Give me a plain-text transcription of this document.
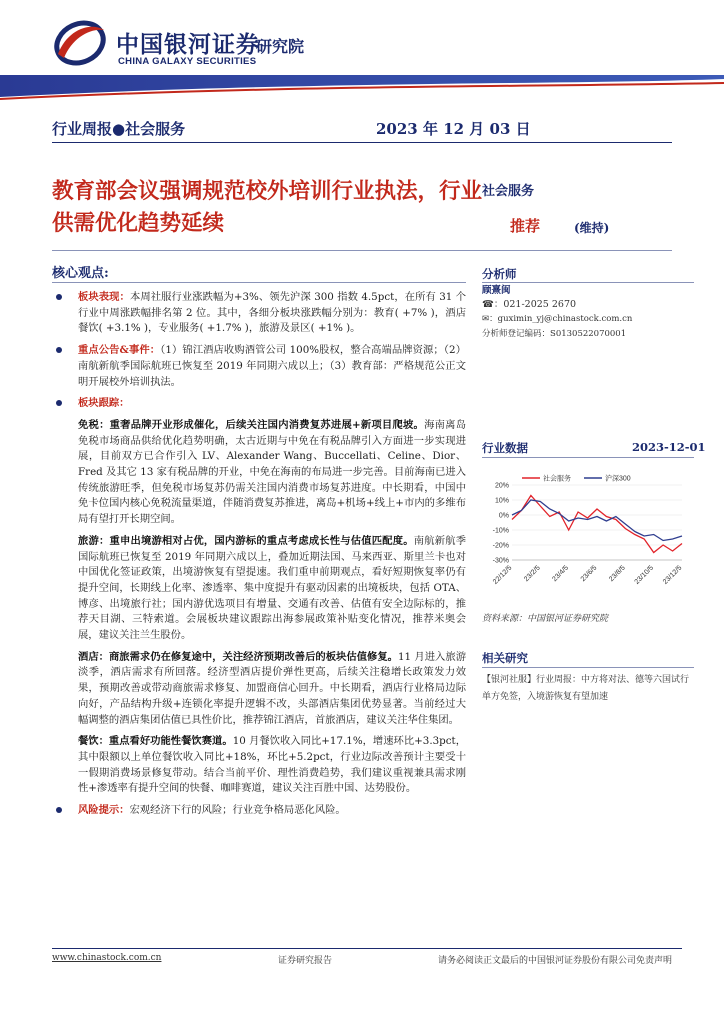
中国银河证券
CHINA GALAXY SECURITIES
研究院
行业周报●社会服务	2023 年 12 月 03 日
教育部会议强调规范校外培训行业执法，行业供需优化趋势延续
社会服务
推荐	(维持)
核心观点:
板块表现：本周社服行业涨跌幅为+3%、领先沪深 300 指数 4.5pct，在所有 31 个行业中周涨跌幅排名第 2 位。其中，各细分板块涨跌幅分别为：教育( +7% )，酒店餐饮( +3.1% )，专业服务( +1.7% )，旅游及景区( +1% )。
重点公告&事件：（1）锦江酒店收购酒管公司 100%股权，整合高端品牌资源；（2）南航新航季国际航班已恢复至 2019 年同期六成以上；（3）教育部：严格规范公正文明开展校外培训执法。
板块跟踪：
免税：重奢品牌开业形成催化，后续关注国内消费复苏进展+新项目爬坡。海南离岛免税市场商品供给优化趋势明确，太古近期与中免在有税品牌引入方面进一步实现进展，目前双方已合作引入 LV、Alexander Wang、Buccellati、Celine、Dior、Fred 及其它 13 家有税品牌的开业，中免在海南的布局进一步完善。目前海南已进入传统旅游旺季，但免税市场复苏仍需关注国内消费市场复苏进度。中长期看，中国中免卡位国内核心免税流量渠道，伴随消费复苏推进，离岛+机场+线上+市内的多维布局有望打开长期空间。
旅游：重申出境游相对占优，国内游标的重点考虑成长性与估值匹配度。南航新航季国际航班已恢复至 2019 年同期六成以上，叠加近期法国、马来西亚、斯里兰卡也对中国优化签证政策，出境游恢复有望提速。我们重申前期观点，看好短期恢复率仍有提升空间，长期线上化率、渗透率、集中度提升有驱动因素的出境板块，包括 OTA、博彦、出境旅行社；国内游优选项目有增量、交通有改善、估值有安全边际标的，推荐天目湖、三特索道。会展板块建议跟踪出海参展政策补贴变化情况，推荐米奥会展，建议关注兰生股份。
酒店：商旅需求仍在修复途中，关注经济预期改善后的板块估值修复。11 月进入旅游淡季，酒店需求有所回落。经济型酒店提价弹性更高，后续关注稳增长政策发力效果，预期改善或带动商旅需求修复、加盟商信心回升。中长期看，酒店行业格局边际向好，产品结构升级+连锁化率提升逻辑不改，头部酒店集团优势显著。当前经过大幅调整的酒店集团估值已具性价比，推荐锦江酒店，首旅酒店，建议关注华住集团。
餐饮：重点看好功能性餐饮赛道。10 月餐饮收入同比+17.1%，增速环比+3.3pct，其中限额以上单位餐饮收入同比+18%，环比+5.2pct，行业边际改善预计主要受十一假期消费场景修复带动。结合当前平价、理性消费趋势，我们建议重视兼具需求刚性+渗透率有提升空间的快餐、咖啡赛道，建议关注百胜中国、达势股份。
风险提示：宏观经济下行的风险；行业竞争格局恶化风险。
分析师
顾熹闽
☎：021-2025 2670
✉：guximin_yj@chinastock.com.cn
分析师登记编码：S0130522070001
行业数据	2023-12-01
社会服务	沪深300
20%
10%
0%
-10%
-20%
-30%
22/12/5 23/2/5 23/4/5 23/6/5 23/8/5 23/10/5 23/12/5
资料来源：中国银河证券研究院
相关研究
【银河社服】行业周报：中方将对法、德等六国试行单方免签，入境游恢复有望加速
www.chinastock.com.cn	证券研究报告	请务必阅读正文最后的中国银河证券股份有限公司免责声明
